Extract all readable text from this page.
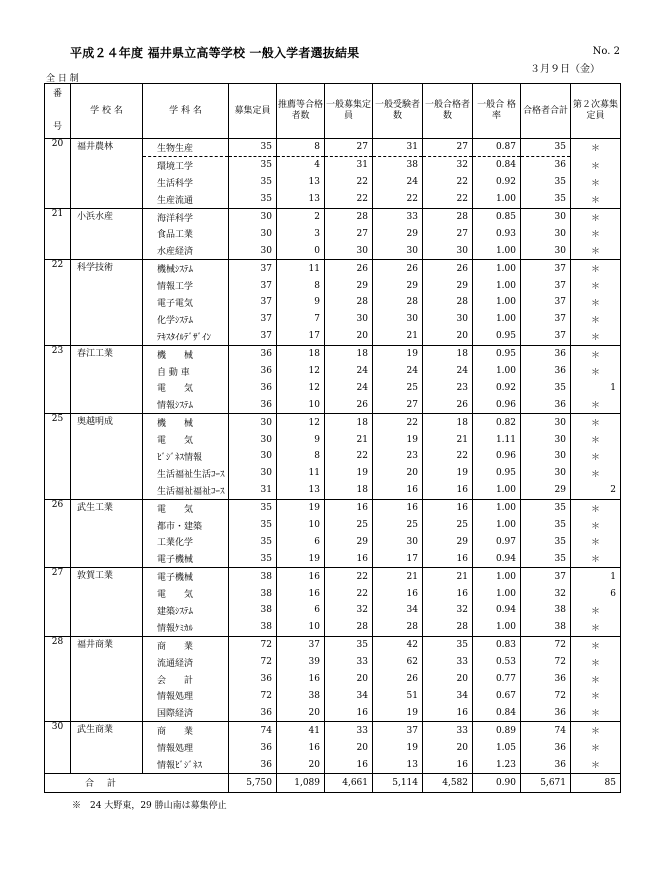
平成２４年度 福井県立高等学校 一般入学者選抜結果	No. 2
３月９日（金）
全 日 制
番

号	学 校 名	学 科 名	募集定員	推薦等合格者数	一般募集定員	一般受験者数	一般合格者数	一般合 格 率	合格者合計	第２次募集定員
20	福井農林	生物生産	35	8	27	31	27	0.87	35	＊
		環境工学	35	4	31	38	32	0.84	36	＊
		生活科学	35	13	22	24	22	0.92	35	＊
		生産流通	35	13	22	22	22	1.00	35	＊
21	小浜水産	海洋科学	30	2	28	33	28	0.85	30	＊
		食品工業	30	3	27	29	27	0.93	30	＊
		水産経済	30	0	30	30	30	1.00	30	＊
22	科学技術	機械ｼｽﾃﾑ	37	11	26	26	26	1.00	37	＊
		情報工学	37	8	29	29	29	1.00	37	＊
		電子電気	37	9	28	28	28	1.00	37	＊
		化学ｼｽﾃﾑ	37	7	30	30	30	1.00	37	＊
		ﾃｷｽﾀｲﾙﾃﾞｻﾞｲﾝ	37	17	20	21	20	0.95	37	＊
23	春江工業	機　　械	36	18	18	19	18	0.95	36	＊
		自 動 車	36	12	24	24	24	1.00	36	＊
		電　　気	36	12	24	25	23	0.92	35	1
		情報ｼｽﾃﾑ	36	10	26	27	26	0.96	36	＊
25	奥越明成	機　　械	30	12	18	22	18	0.82	30	＊
		電　　気	30	9	21	19	21	1.11	30	＊
		ﾋﾞｼﾞﾈｽ情報	30	8	22	23	22	0.96	30	＊
		生活福祉生活ｺｰｽ	30	11	19	20	19	0.95	30	＊
		生活福祉福祉ｺｰｽ	31	13	18	16	16	1.00	29	2
26	武生工業	電　　気	35	19	16	16	16	1.00	35	＊
		都市・建築	35	10	25	25	25	1.00	35	＊
		工業化学	35	6	29	30	29	0.97	35	＊
		電子機械	35	19	16	17	16	0.94	35	＊
27	敦賀工業	電子機械	38	16	22	21	21	1.00	37	1
		電　　気	38	16	22	16	16	1.00	32	6
		建築ｼｽﾃﾑ	38	6	32	34	32	0.94	38	＊
		情報ｹﾐｶﾙ	38	10	28	28	28	1.00	38	＊
28	福井商業	商　　業	72	37	35	42	35	0.83	72	＊
		流通経済	72	39	33	62	33	0.53	72	＊
		会　　計	36	16	20	26	20	0.77	36	＊
		情報処理	72	38	34	51	34	0.67	72	＊
		国際経済	36	20	16	19	16	0.84	36	＊
30	武生商業	商　　業	74	41	33	37	33	0.89	74	＊
		情報処理	36	16	20	19	20	1.05	36	＊
		情報ﾋﾞｼﾞﾈｽ	36	20	16	13	16	1.23	36	＊
合　計			5,750	1,089	4,661	5,114	4,582	0.90	5,671	85
※　24 大野東，29 勝山南は募集停止
